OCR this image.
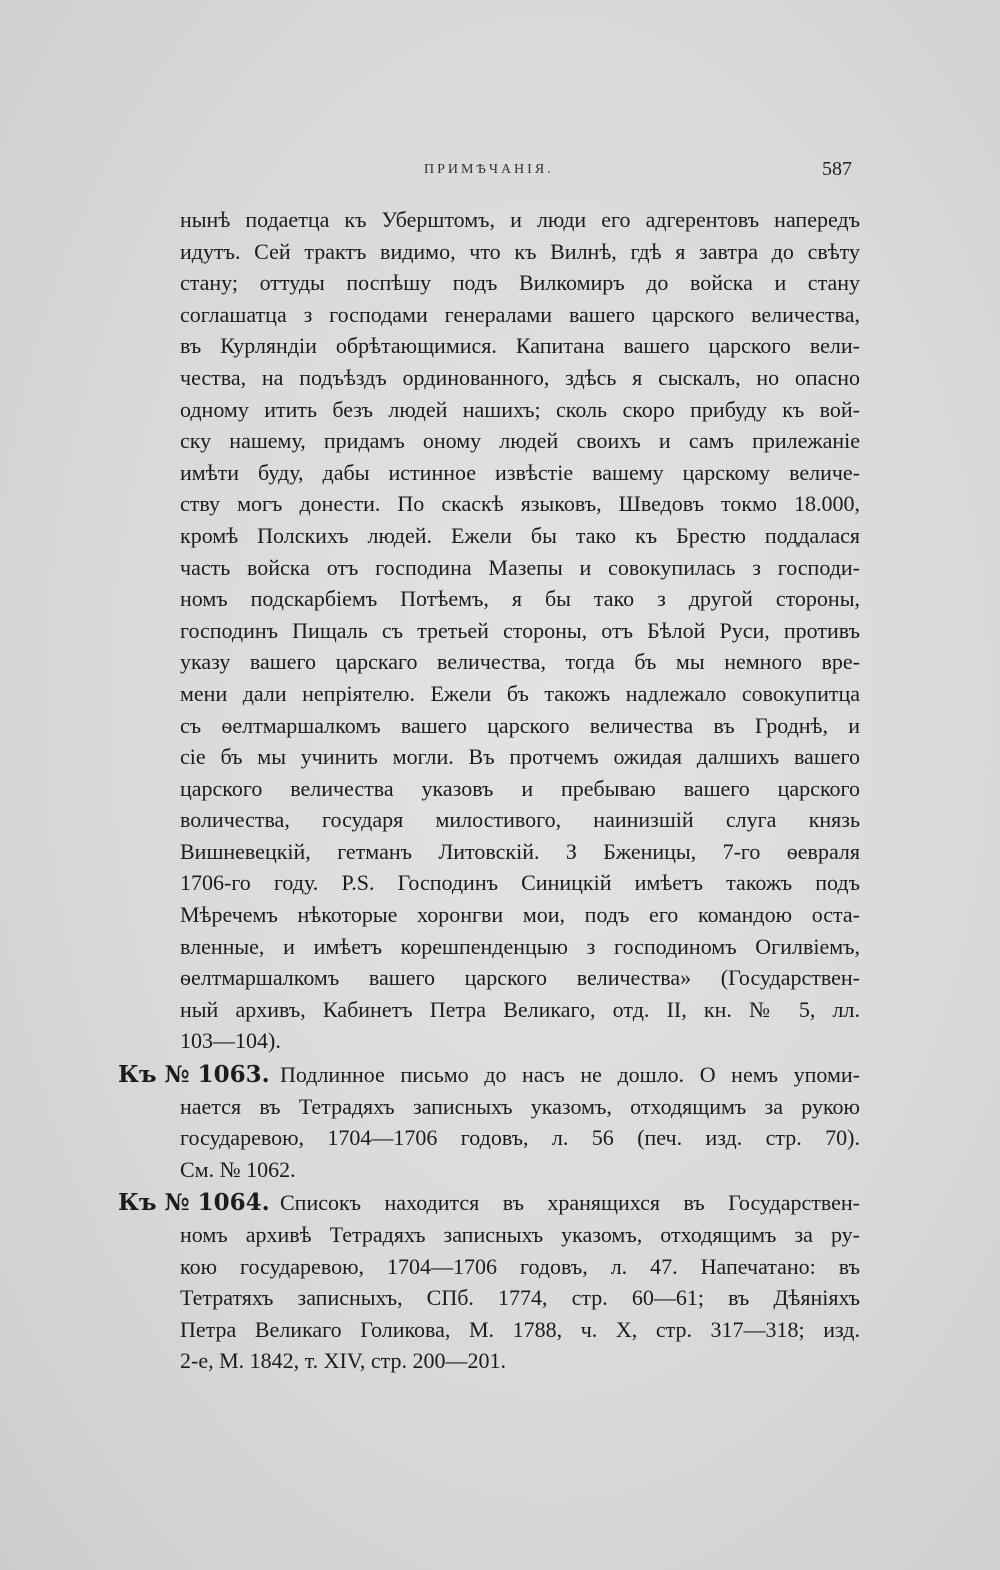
ПРИМѢЧАНІЯ.	587
нынѣ подаетца къ Уберштомъ, и люди его адгерентовъ напередъ
идутъ. Сей трактъ видимо, что къ Вилнѣ, гдѣ я завтра до свѣту
стану; оттуды поспѣшу подъ Вилкомиръ до войска и стану
соглашатца з господами генералами вашего царского величества,
въ Курляндіи обрѣтающимися. Капитана вашего царского вели-
чества, на подъѣздъ ординованного, здѣсь я сыскалъ, но опасно
одному итить безъ людей нашихъ; сколь скоро прибуду къ вой-
ску нашему, придамъ оному людей своихъ и самъ прилежаніе
имѣти буду, дабы истинное извѣстіе вашему царскому величе-
ству могъ донести. По скаскѣ языковъ, Шведовъ токмо 18.000,
кромѣ Полскихъ людей. Ежели бы тако къ Брестю поддалася
часть войска отъ господина Мазепы и совокупилась з господи-
номъ подскарбіемъ Потѣемъ, я бы тако з другой стороны,
господинъ Пищаль съ третьей стороны, отъ Бѣлой Руси, противъ
указу вашего царскаго величества, тогда бъ мы немного вре-
мени дали непріятелю. Ежели бъ такожъ надлежало совокупитца
съ ѳелтмаршалкомъ вашего царского величества въ Гроднѣ, и
сіе бъ мы учинить могли. Въ протчемъ ожидая далшихъ вашего
царского величества указовъ и пребываю вашего царского
воличества, государя милостивого, наинизшій слуга князь
Вишневецкій, гетманъ Литовскій. З Бженицы, 7-го ѳевраля
1706-го году. P.S. Господинъ Синицкій имѣетъ такожъ подъ
Мѣречемъ нѣкоторые хоронгви мои, подъ его командою оста-
вленные, и имѣетъ корешпенденцыю з господиномъ Огилвіемъ,
ѳелтмаршалкомъ вашего царского величества» (Государствен-
ный архивъ, Кабинетъ Петра Великаго, отд. II, кн. № 5, лл.
103—104).
Къ № 1063. Подлинное письмо до насъ не дошло. О немъ упоми-
нается въ Тетрадяхъ записныхъ указомъ, отходящимъ за рукою
государевою, 1704—1706 годовъ, л. 56 (печ. изд. стр. 70).
См. № 1062.
Къ № 1064. Списокъ находится въ хранящихся въ Государствен-
номъ архивѣ Тетрадяхъ записныхъ указомъ, отходящимъ за ру-
кою государевою, 1704—1706 годовъ, л. 47. Напечатано: въ
Тетратяхъ записныхъ, СПб. 1774, стр. 60—61; въ Дѣяніяхъ
Петра Великаго Голикова, М. 1788, ч. X, стр. 317—318; изд.
2-е, М. 1842, т. XIV, стр. 200—201.
